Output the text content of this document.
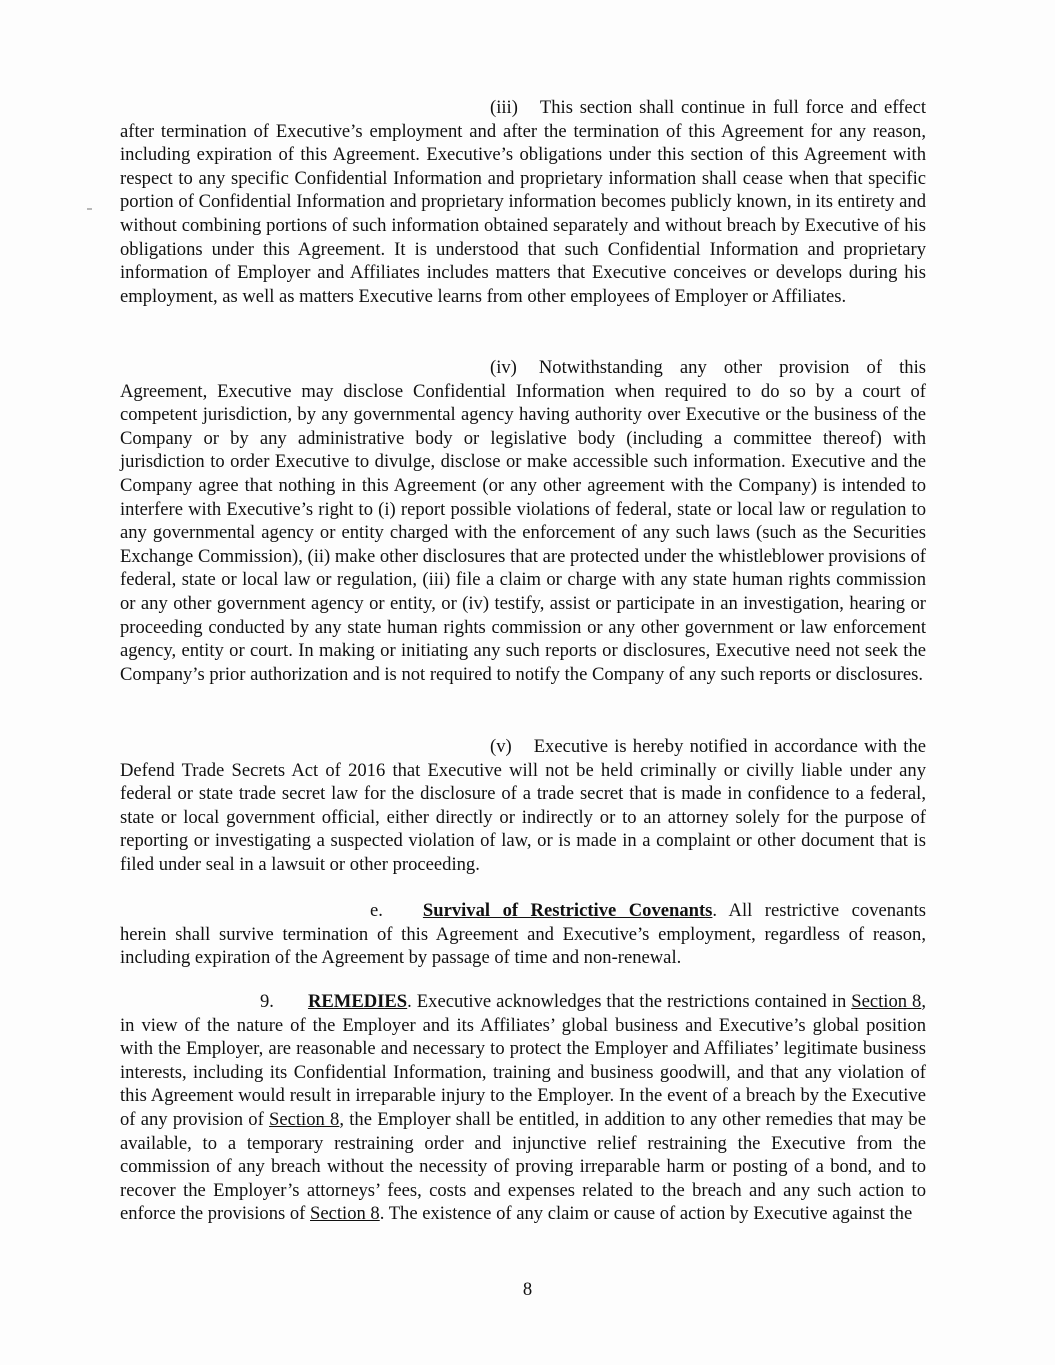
(iii) This section shall continue in full force and effect after termination of Executive’s employment and after the termination of this Agreement for any reason, including expiration of this Agreement. Executive’s obligations under this section of this Agreement with respect to any specific Confidential Information and proprietary information shall cease when that specific portion of Confidential Information and proprietary information becomes publicly known, in its entirety and without combining portions of such information obtained separately and without breach by Executive of his obligations under this Agreement. It is understood that such Confidential Information and proprietary information of Employer and Affiliates includes matters that Executive conceives or develops during his employment, as well as matters Executive learns from other employees of Employer or Affiliates.

(iv) Notwithstanding any other provision of this Agreement, Executive may disclose Confidential Information when required to do so by a court of competent jurisdiction, by any governmental agency having authority over Executive or the business of the Company or by any administrative body or legislative body (including a committee thereof) with jurisdiction to order Executive to divulge, disclose or make accessible such information. Executive and the Company agree that nothing in this Agreement (or any other agreement with the Company) is intended to interfere with Executive’s right to (i) report possible violations of federal, state or local law or regulation to any governmental agency or entity charged with the enforcement of any such laws (such as the Securities Exchange Commission), (ii) make other disclosures that are protected under the whistleblower provisions of federal, state or local law or regulation, (iii) file a claim or charge with any state human rights commission or any other government agency or entity, or (iv) testify, assist or participate in an investigation, hearing or proceeding conducted by any state human rights commission or any other government or law enforcement agency, entity or court. In making or initiating any such reports or disclosures, Executive need not seek the Company’s prior authorization and is not required to notify the Company of any such reports or disclosures.

(v) Executive is hereby notified in accordance with the Defend Trade Secrets Act of 2016 that Executive will not be held criminally or civilly liable under any federal or state trade secret law for the disclosure of a trade secret that is made in confidence to a federal, state or local government official, either directly or indirectly or to an attorney solely for the purpose of reporting or investigating a suspected violation of law, or is made in a complaint or other document that is filed under seal in a lawsuit or other proceeding.

e. Survival of Restrictive Covenants. All restrictive covenants herein shall survive termination of this Agreement and Executive’s employment, regardless of reason, including expiration of the Agreement by passage of time and non-renewal.

9. REMEDIES. Executive acknowledges that the restrictions contained in Section 8, in view of the nature of the Employer and its Affiliates’ global business and Executive’s global position with the Employer, are reasonable and necessary to protect the Employer and Affiliates’ legitimate business interests, including its Confidential Information, training and business goodwill, and that any violation of this Agreement would result in irreparable injury to the Employer. In the event of a breach by the Executive of any provision of Section 8, the Employer shall be entitled, in addition to any other remedies that may be available, to a temporary restraining order and injunctive relief restraining the Executive from the commission of any breach without the necessity of proving irreparable harm or posting of a bond, and to recover the Employer’s attorneys’ fees, costs and expenses related to the breach and any such action to enforce the provisions of Section 8. The existence of any claim or cause of action by Executive against the

8
